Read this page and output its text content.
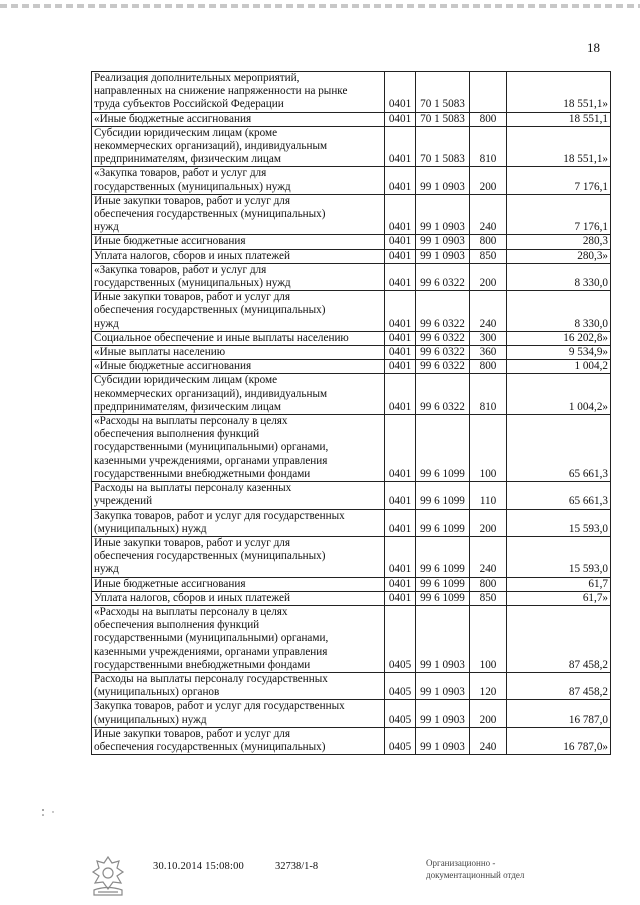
18
Реализация дополнительных мероприятий,
направленных на снижение напряженности на рынке
труда субъектов Российской Федерации	0401	70 1 5083		18 551,1»
«Иные бюджетные ассигнования	0401	70 1 5083	800	18 551,1
Субсидии юридическим лицам (кроме
некоммерческих организаций), индивидуальным
предпринимателям, физическим лицам	0401	70 1 5083	810	18 551,1»
«Закупка товаров, работ и услуг для
государственных (муниципальных) нужд	0401	99 1 0903	200	7 176,1
Иные закупки товаров, работ и услуг для
обеспечения государственных (муниципальных)
нужд	0401	99 1 0903	240	7 176,1
Иные бюджетные ассигнования	0401	99 1 0903	800	280,3
Уплата налогов, сборов и иных платежей	0401	99 1 0903	850	280,3»
«Закупка товаров, работ и услуг для
государственных (муниципальных) нужд	0401	99 6 0322	200	8 330,0
Иные закупки товаров, работ и услуг для
обеспечения государственных (муниципальных)
нужд	0401	99 6 0322	240	8 330,0
Социальное обеспечение и иные выплаты населению	0401	99 6 0322	300	16 202,8»
«Иные выплаты населению	0401	99 6 0322	360	9 534,9»
«Иные бюджетные ассигнования	0401	99 6 0322	800	1 004,2
Субсидии юридическим лицам (кроме
некоммерческих организаций), индивидуальным
предпринимателям, физическим лицам	0401	99 6 0322	810	1 004,2»
«Расходы на выплаты персоналу в целях
обеспечения выполнения функций
государственными (муниципальными) органами,
казенными учреждениями, органами управления
государственными внебюджетными фондами	0401	99 6 1099	100	65 661,3
Расходы на выплаты персоналу казенных
учреждений	0401	99 6 1099	110	65 661,3
Закупка товаров, работ и услуг для государственных
(муниципальных) нужд	0401	99 6 1099	200	15 593,0
Иные закупки товаров, работ и услуг для
обеспечения государственных (муниципальных)
нужд	0401	99 6 1099	240	15 593,0
Иные бюджетные ассигнования	0401	99 6 1099	800	61,7
Уплата налогов, сборов и иных платежей	0401	99 6 1099	850	61,7»
«Расходы на выплаты персоналу в целях
обеспечения выполнения функций
государственными (муниципальными) органами,
казенными учреждениями, органами управления
государственными внебюджетными фондами	0405	99 1 0903	100	87 458,2
Расходы на выплаты персоналу государственных
(муниципальных) органов	0405	99 1 0903	120	87 458,2
Закупка товаров, работ и услуг для государственных
(муниципальных) нужд	0405	99 1 0903	200	16 787,0
Иные закупки товаров, работ и услуг для
обеспечения государственных (муниципальных)	0405	99 1 0903	240	16 787,0»
30.10.2014 15:08:00	32738/1-8	Организационно -
документационный отдел
